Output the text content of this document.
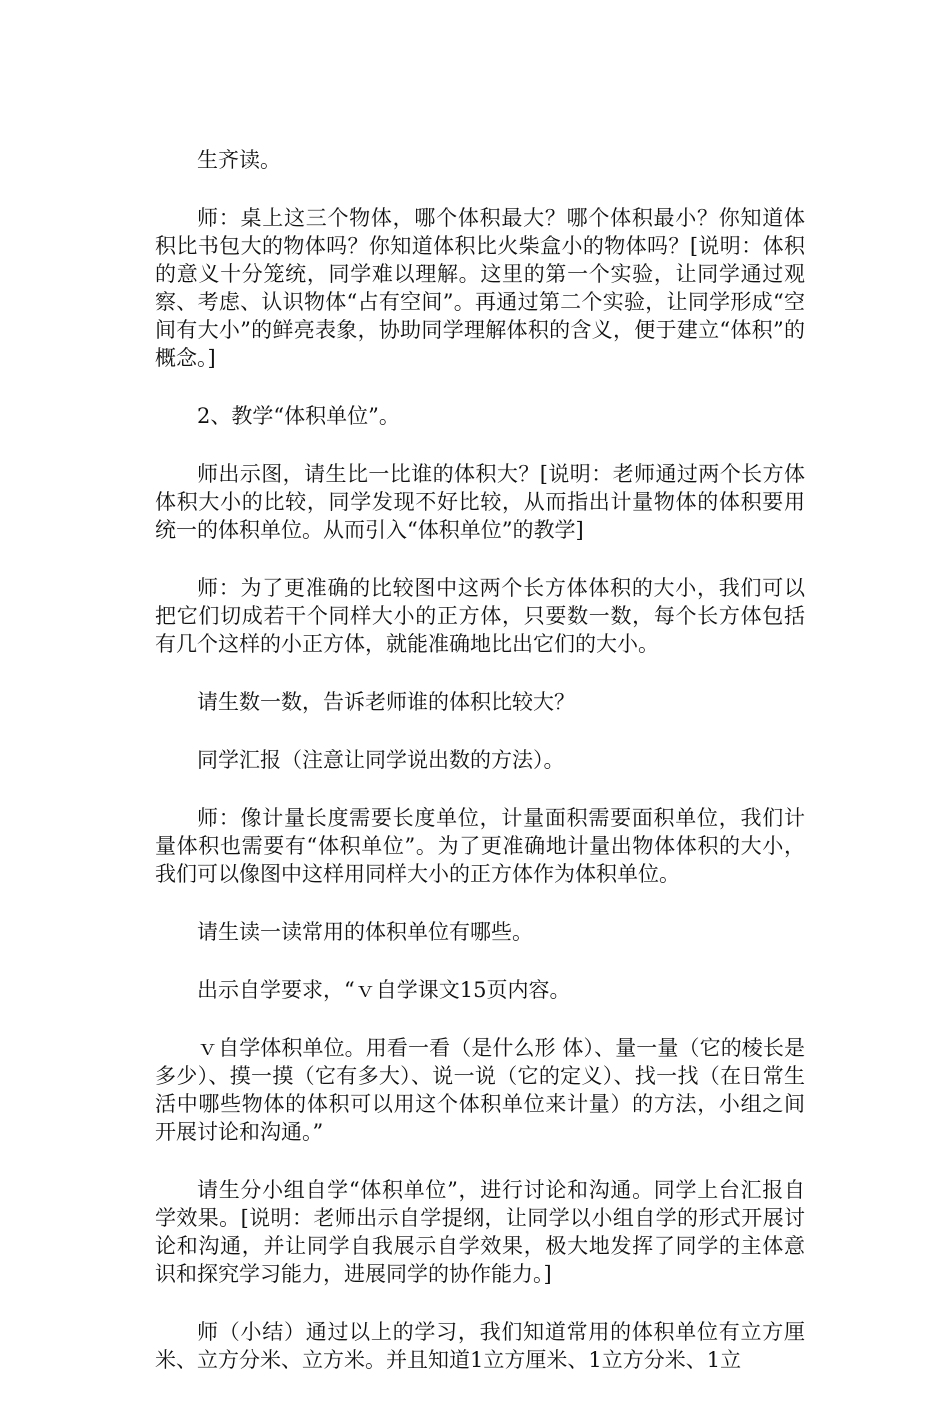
生齐读。

师：桌上这三个物体，哪个体积最大？哪个体积最小？你知道体积比书包大的物体吗？你知道体积比火柴盒小的物体吗？[说明：体积的意义十分笼统，同学难以理解。这里的第一个实验，让同学通过观察、考虑、认识物体“占有空间”。再通过第二个实验，让同学形成“空间有大小”的鲜亮表象，协助同学理解体积的含义，便于建立“体积”的概念。]

2、教学“体积单位”。

师出示图，请生比一比谁的体积大？[说明：老师通过两个长方体体积大小的比较，同学发现不好比较，从而指出计量物体的体积要用统一的体积单位。从而引入“体积单位”的教学]

师：为了更准确的比较图中这两个长方体体积的大小，我们可以把它们切成若干个同样大小的正方体，只要数一数，每个长方体包括有几个这样的小正方体，就能准确地比出它们的大小。

请生数一数，告诉老师谁的体积比较大？

同学汇报（注意让同学说出数的方法）。

师：像计量长度需要长度单位，计量面积需要面积单位，我们计量体积也需要有“体积单位”。为了更准确地计量出物体体积的大小，我们可以像图中这样用同样大小的正方体作为体积单位。

请生读一读常用的体积单位有哪些。

出示自学要求，“ｖ自学课文15页内容。

ｖ自学体积单位。用看一看（是什么形 体）、量一量（它的棱长是多少）、摸一摸（它有多大）、说一说（它的定义）、找一找（在日常生活中哪些物体的体积可以用这个体积单位来计量）的方法，小组之间开展讨论和沟通。”

请生分小组自学“体积单位”，进行讨论和沟通。同学上台汇报自学效果。[说明：老师出示自学提纲，让同学以小组自学的形式开展讨论和沟通，并让同学自我展示自学效果，极大地发挥了同学的主体意识和探究学习能力，进展同学的协作能力。]

师（小结）通过以上的学习，我们知道常用的体积单位有立方厘米、立方分米、立方米。并且知道1立方厘米、1立方分米、1立
